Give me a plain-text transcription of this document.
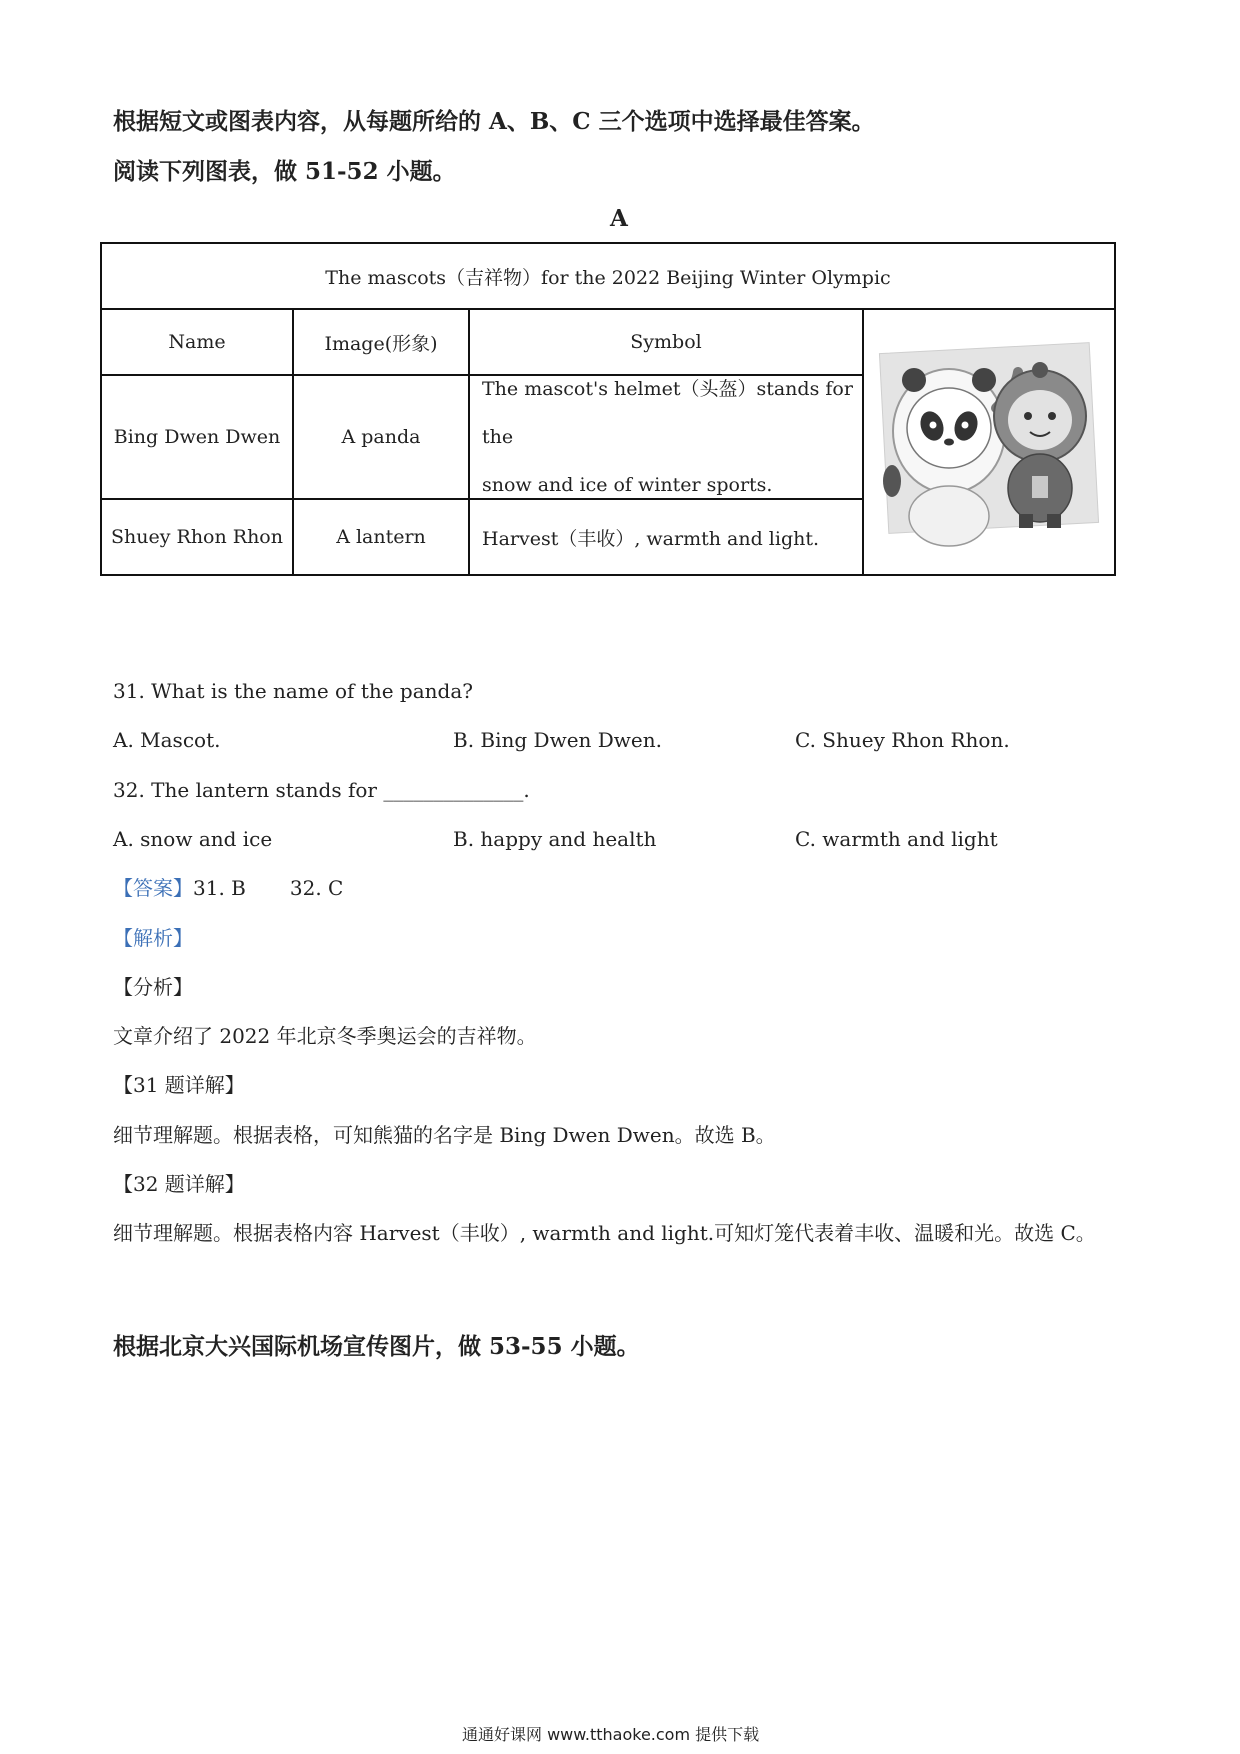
根据短文或图表内容，从每题所给的 A、B、C 三个选项中选择最佳答案。
阅读下列图表，做 51-52 小题。
A
The mascots（吉祥物）for the 2022 Beijing Winter Olympic
Name	Image(形象)	Symbol
Bing Dwen Dwen	A panda
The mascot's helmet（头盔）stands for the
snow and ice of winter sports.
Shuey Rhon Rhon	A lantern	Harvest（丰收）, warmth and light.
31. What is the name of the panda?
A. Mascot.	B. Bing Dwen Dwen.	C. Shuey Rhon Rhon.
32. The lantern stands for ______________.
A. snow and ice	B. happy and health	C. warmth and light
【答案】31. B 32. C
【解析】
【分析】
文章介绍了 2022 年北京冬季奥运会的吉祥物。
【31 题详解】
细节理解题。根据表格，可知熊猫的名字是 Bing Dwen Dwen。故选 B。
【32 题详解】
细节理解题。根据表格内容 Harvest（丰收）, warmth and light.可知灯笼代表着丰收、温暖和光。故选 C。
根据北京大兴国际机场宣传图片，做 53-55 小题。
通通好课网 www.tthaoke.com 提供下载
